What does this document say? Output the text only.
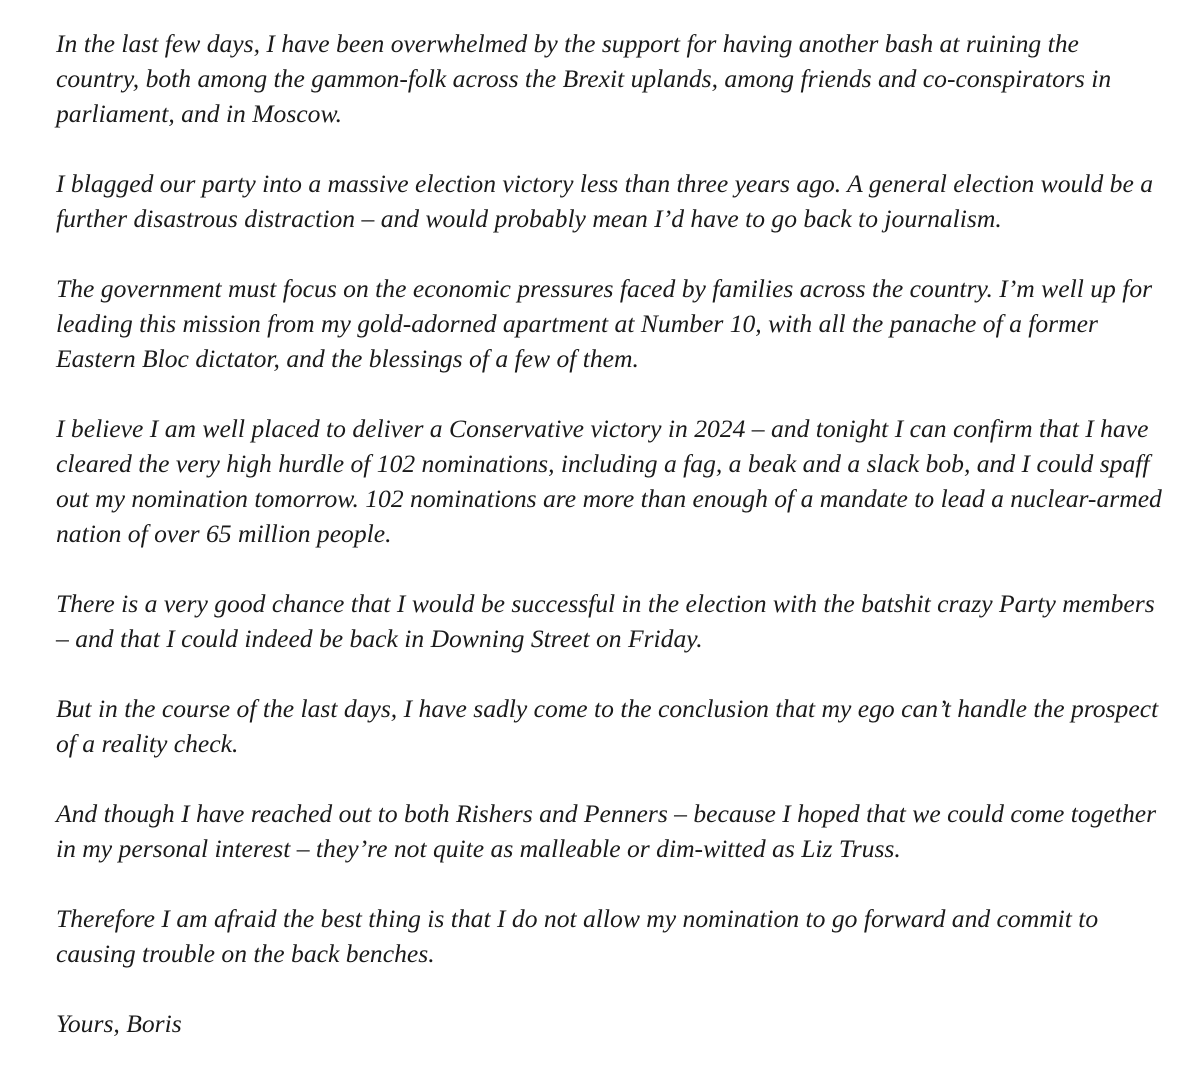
In the last few days, I have been overwhelmed by the support for having another bash at ruining the country, both among the gammon-folk across the Brexit uplands, among friends and co-conspirators in parliament, and in Moscow.

I blagged our party into a massive election victory less than three years ago. A general election would be a further disastrous distraction – and would probably mean I’d have to go back to journalism.

The government must focus on the economic pressures faced by families across the country. I’m well up for leading this mission from my gold-adorned apartment at Number 10, with all the panache of a former Eastern Bloc dictator, and the blessings of a few of them.

I believe I am well placed to deliver a Conservative victory in 2024 – and tonight I can confirm that I have cleared the very high hurdle of 102 nominations, including a fag, a beak and a slack bob, and I could spaff out my nomination tomorrow. 102 nominations are more than enough of a mandate to lead a nuclear-armed nation of over 65 million people.

There is a very good chance that I would be successful in the election with the batshit crazy Party members – and that I could indeed be back in Downing Street on Friday.

But in the course of the last days, I have sadly come to the conclusion that my ego can’t handle the prospect of a reality check.

And though I have reached out to both Rishers and Penners – because I hoped that we could come together in my personal interest – they’re not quite as malleable or dim-witted as Liz Truss.

Therefore I am afraid the best thing is that I do not allow my nomination to go forward and commit to causing trouble on the back benches.

Yours, Boris
